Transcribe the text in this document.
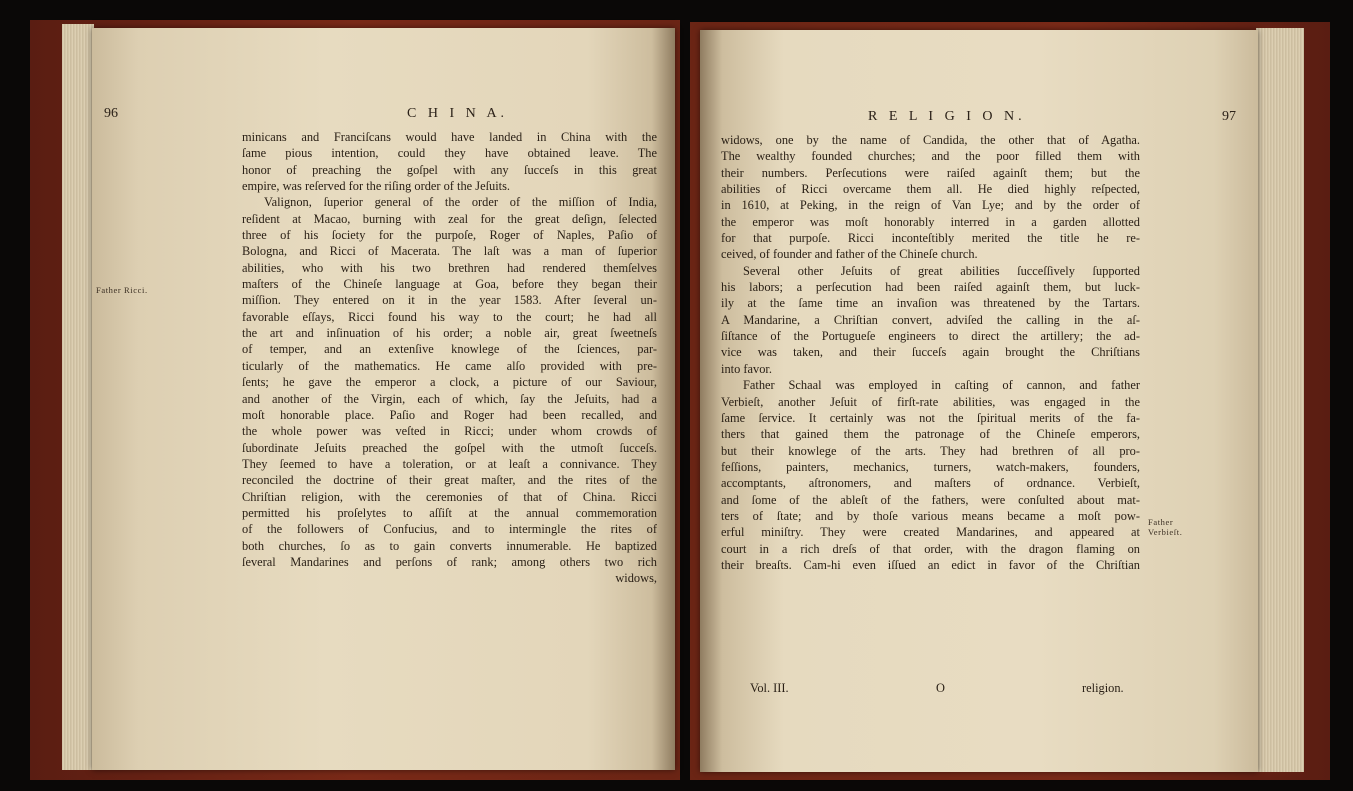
96	C H I N A.
Father Ricci.
minicans and Franciſcans would have landed in China with the
ſame pious intention, could they have obtained leave. The
honor of preaching the goſpel with any ſucceſs in this great
empire, was reſerved for the riſing order of the Jeſuits.
Valignon, ſuperior general of the order of the miſſion of India,
reſident at Macao, burning with zeal for the great deſign, ſelected
three of his ſociety for the purpoſe, Roger of Naples, Paſio of
Bologna, and Ricci of Macerata. The laſt was a man of ſuperior
abilities, who with his two brethren had rendered themſelves
maſters of the Chineſe language at Goa, before they began their
miſſion. They entered on it in the year 1583. After ſeveral un-
favorable eſſays, Ricci found his way to the court; he had all
the art and inſinuation of his order; a noble air, great ſweetneſs
of temper, and an extenſive knowlege of the ſciences, par-
ticularly of the mathematics. He came alſo provided with pre-
ſents; he gave the emperor a clock, a picture of our Saviour,
and another of the Virgin, each of which, ſay the Jeſuits, had a
moſt honorable place. Paſio and Roger had been recalled, and
the whole power was veſted in Ricci; under whom crowds of
ſubordinate Jeſuits preached the goſpel with the utmoſt ſucceſs.
They ſeemed to have a toleration, or at leaſt a connivance. They
reconciled the doctrine of their great maſter, and the rites of the
Chriſtian religion, with the ceremonies of that of China. Ricci
permitted his proſelytes to aſſiſt at the annual commemoration
of the followers of Confucius, and to intermingle the rites of
both churches, ſo as to gain converts innumerable. He baptized
ſeveral Mandarines and perſons of rank; among others two rich
widows,
R E L I G I O N.	97
widows, one by the name of Candida, the other that of Agatha.
The wealthy founded churches; and the poor filled them with
their numbers. Perſecutions were raiſed againſt them; but the
abilities of Ricci overcame them all. He died highly reſpected,
in 1610, at Peking, in the reign of Van Lye; and by the order of
the emperor was moſt honorably interred in a garden allotted
for that purpoſe. Ricci inconteſtibly merited the title he re-
ceived, of founder and father of the Chineſe church.
Several other Jeſuits of great abilities ſucceſſively ſupported
his labors; a perſecution had been raiſed againſt them, but luck-
ily at the ſame time an invaſion was threatened by the Tartars.
A Mandarine, a Chriſtian convert, adviſed the calling in the aſ-
ſiſtance of the Portugueſe engineers to direct the artillery; the ad-
vice was taken, and their ſucceſs again brought the Chriſtians
into favor.
Father Schaal was employed in caſting of cannon, and father
Verbieſt, another Jeſuit of firſt-rate abilities, was engaged in the
ſame ſervice. It certainly was not the ſpiritual merits of the fa-
thers that gained them the patronage of the Chineſe emperors,
but their knowlege of the arts. They had brethren of all pro-
feſſions, painters, mechanics, turners, watch-makers, founders,
accomptants, aſtronomers, and maſters of ordnance. Verbieſt,
and ſome of the ableſt of the fathers, were conſulted about mat-
ters of ſtate; and by thoſe various means became a moſt pow-
erful miniſtry. They were created Mandarines, and appeared at
court in a rich dreſs of that order, with the dragon flaming on
their breaſts. Cam-hi even iſſued an edict in favor of the Chriſtian
Father
Verbieſt.
Vol. III.	O	religion.
